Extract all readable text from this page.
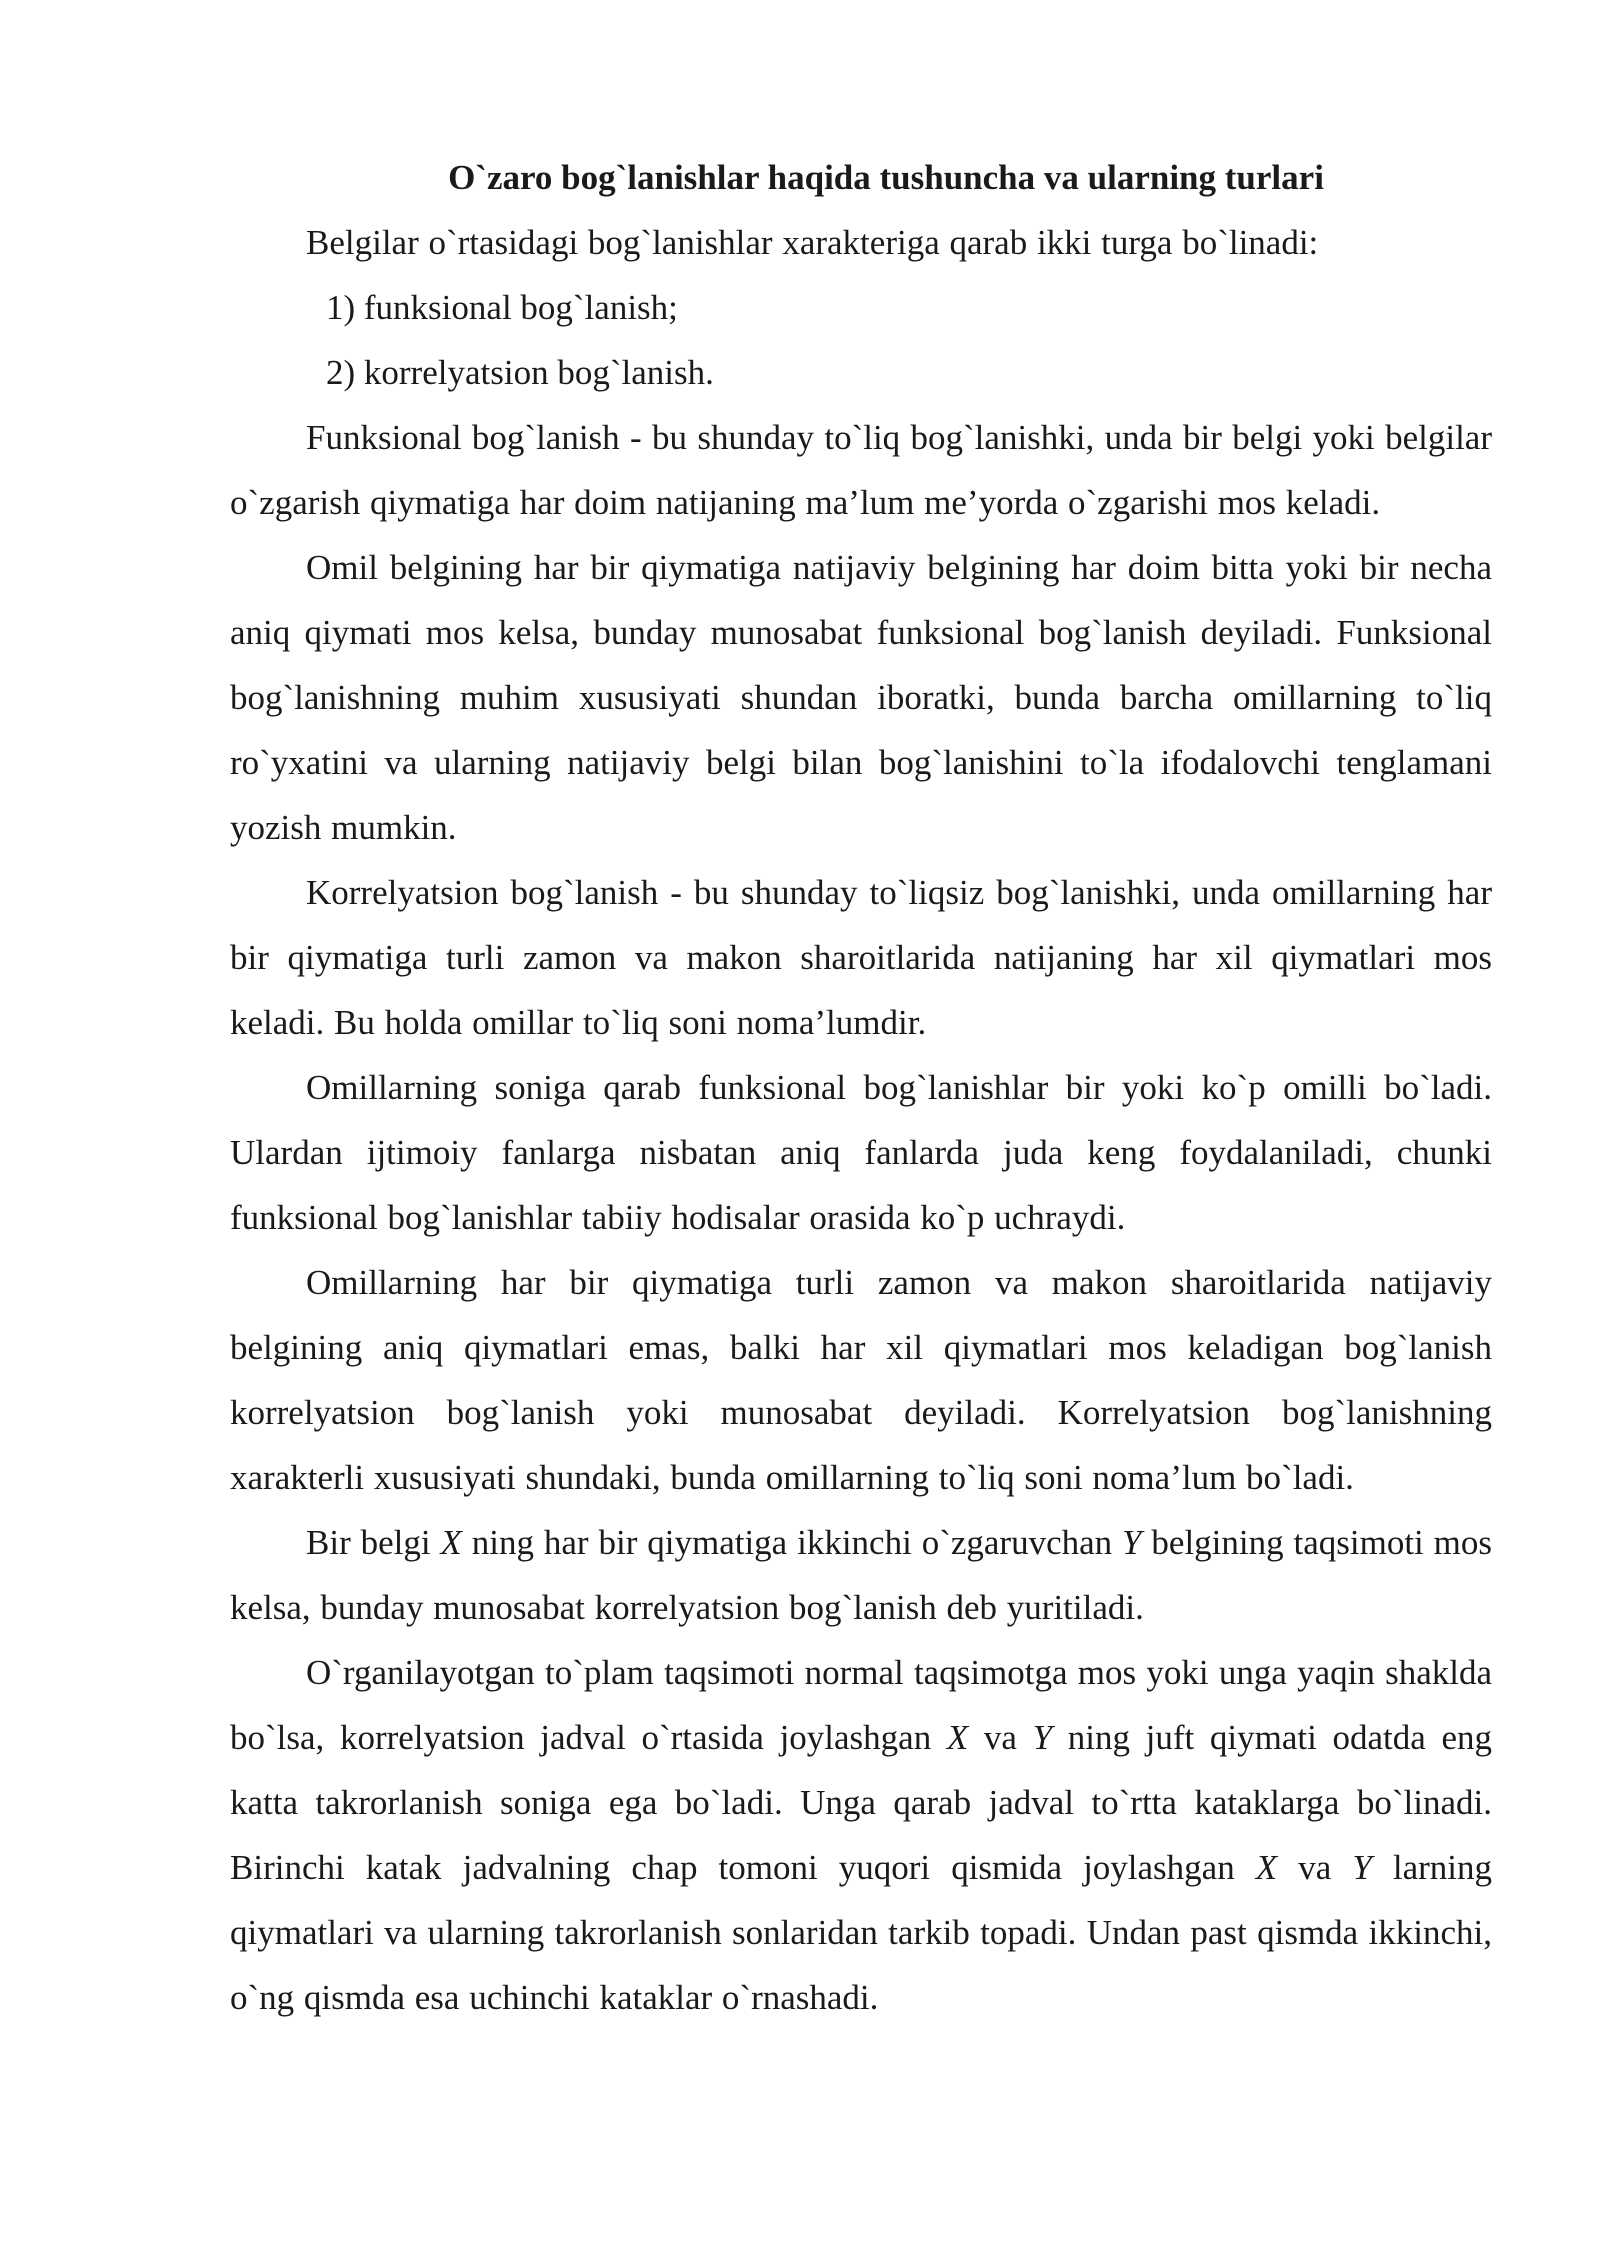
O`zaro bog`lanishlar haqida tushuncha va ularning turlari

Belgilar o`rtasidagi bog`lanishlar xarakteriga qarab ikki turga bo`linadi:

1) funksional bog`lanish;

2) korrelyatsion bog`lanish.

Funksional bog`lanish - bu shunday to`liq bog`lanishki, unda bir belgi yoki belgilar o`zgarish qiymatiga har doim natijaning ma’lum me’yorda o`zgarishi mos keladi.

Omil belgining har bir qiymatiga natijaviy belgining har doim bitta yoki bir necha aniq qiymati mos kelsa, bunday munosabat funksional bog`lanish deyiladi. Funksional bog`lanishning muhim xususiyati shundan iboratki, bunda barcha omillarning to`liq ro`yxatini va ularning natijaviy belgi bilan bog`lanishini to`la ifodalovchi tenglamani yozish mumkin.

Korrelyatsion bog`lanish - bu shunday to`liqsiz bog`lanishki, unda omillarning har bir qiymatiga turli zamon va makon sharoitlarida natijaning har xil qiymatlari mos keladi. Bu holda omillar to`liq soni noma’lumdir.

Omillarning soniga qarab funksional bog`lanishlar bir yoki ko`p omilli bo`ladi. Ulardan ijtimoiy fanlarga nisbatan aniq fanlarda juda keng foydalaniladi, chunki funksional bog`lanishlar tabiiy hodisalar orasida ko`p uchraydi.

Omillarning har bir qiymatiga turli zamon va makon sharoitlarida natijaviy belgining aniq qiymatlari emas, balki har xil qiymatlari mos keladigan bog`lanish korrelyatsion bog`lanish yoki munosabat deyiladi. Korrelyatsion bog`lanishning xarakterli xususiyati shundaki, bunda omillarning to`liq soni noma’lum bo`ladi.

Bir belgi X ning har bir qiymatiga ikkinchi o`zgaruvchan Y belgining taqsimoti mos kelsa, bunday munosabat korrelyatsion bog`lanish deb yuritiladi.

O`rganilayotgan to`plam taqsimoti normal taqsimotga mos yoki unga yaqin shaklda bo`lsa, korrelyatsion jadval o`rtasida joylashgan X va Y ning juft qiymati odatda eng katta takrorlanish soniga ega bo`ladi. Unga qarab jadval to`rtta kataklarga bo`linadi. Birinchi katak jadvalning chap tomoni yuqori qismida joylashgan X va Y larning qiymatlari va ularning takrorlanish sonlaridan tarkib topadi. Undan past qismda ikkinchi, o`ng qismda esa uchinchi kataklar o`rnashadi.
